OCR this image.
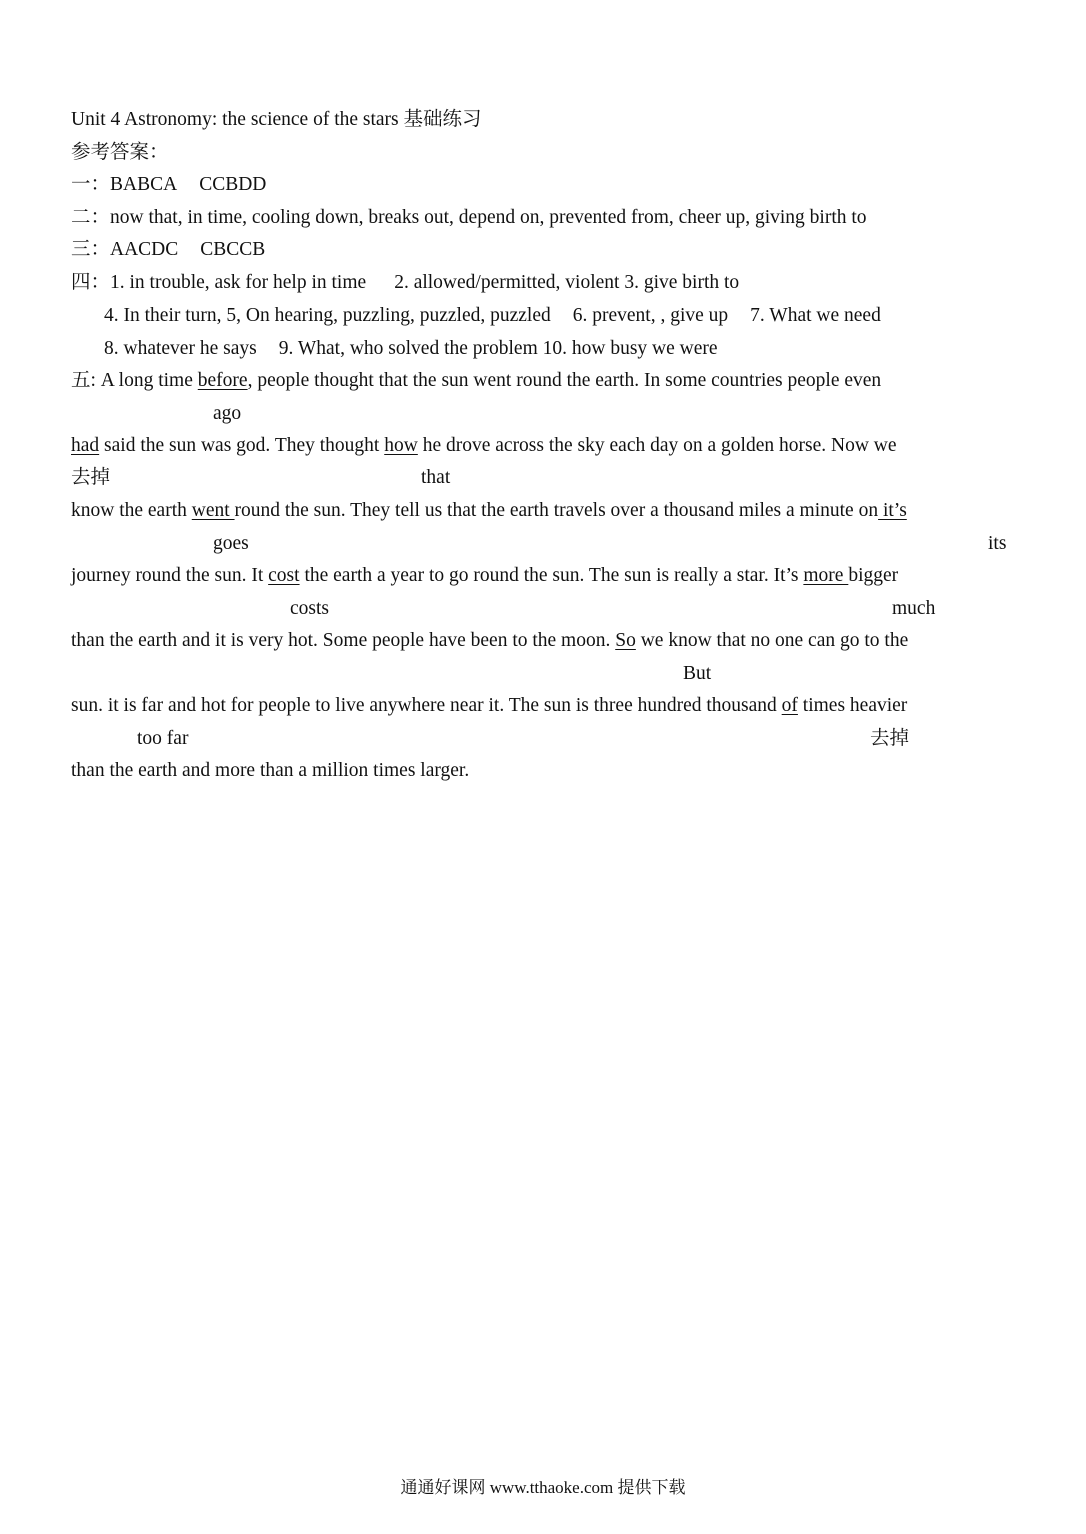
Unit 4 Astronomy: the science of the stars 基础练习
参考答案：
一：BABCA CCBDD
二：now that, in time, cooling down, breaks out, depend on, prevented from, cheer up, giving birth to
三：AACDC CBCCB
四：1. in trouble, ask for help in time 2. allowed/permitted, violent 3. give birth to
4. In their turn, 5, On hearing, puzzling, puzzled, puzzled 6. prevent, , give up 7. What we need
8. whatever he says 9. What, who solved the problem 10. how busy we were
五: A long time before, people thought that the sun went round the earth. In some countries people even
ago
had said the sun was god. They thought how he drove across the sky each day on a golden horse. Now we
去掉	that
know the earth went round the sun. They tell us that the earth travels over a thousand miles a minute on it’s
goes	its
journey round the sun. It cost the earth a year to go round the sun. The sun is really a star. It’s more bigger
costs	much
than the earth and it is very hot. Some people have been to the moon. So we know that no one can go to the
But
sun. it is far and hot for people to live anywhere near it. The sun is three hundred thousand of times heavier
too far	去掉
than the earth and more than a million times larger.
通通好课网 www.tthaoke.com 提供下载
